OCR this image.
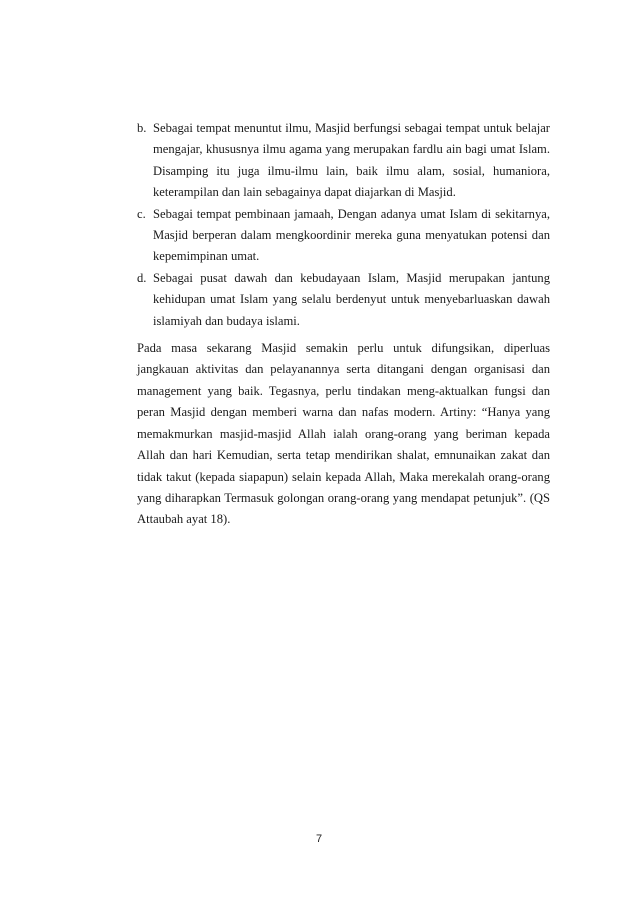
b. Sebagai tempat menuntut ilmu, Masjid berfungsi sebagai tempat untuk belajar mengajar, khususnya ilmu agama yang merupakan fardlu ain bagi umat Islam. Disamping itu juga ilmu-ilmu lain, baik ilmu alam, sosial, humaniora, keterampilan dan lain sebagainya dapat diajarkan di Masjid.
c. Sebagai tempat pembinaan jamaah, Dengan adanya umat Islam di sekitarnya, Masjid berperan dalam mengkoordinir mereka guna menyatukan potensi dan kepemimpinan umat.
d. Sebagai pusat dawah dan kebudayaan Islam, Masjid merupakan jantung kehidupan umat Islam yang selalu berdenyut untuk menyebarluaskan dawah islamiyah dan budaya islami.

Pada masa sekarang Masjid semakin perlu untuk difungsikan, diperluas jangkauan aktivitas dan pelayanannya serta ditangani dengan organisasi dan management yang baik. Tegasnya, perlu tindakan meng-aktualkan fungsi dan peran Masjid dengan memberi warna dan nafas modern. Artiny: “Hanya yang memakmurkan masjid-masjid Allah ialah orang-orang yang beriman kepada Allah dan hari Kemudian, serta tetap mendirikan shalat, emnunaikan zakat dan tidak takut (kepada siapapun) selain kepada Allah, Maka merekalah orang-orang yang diharapkan Termasuk golongan orang-orang yang mendapat petunjuk”. (QS Attaubah ayat 18).

7
